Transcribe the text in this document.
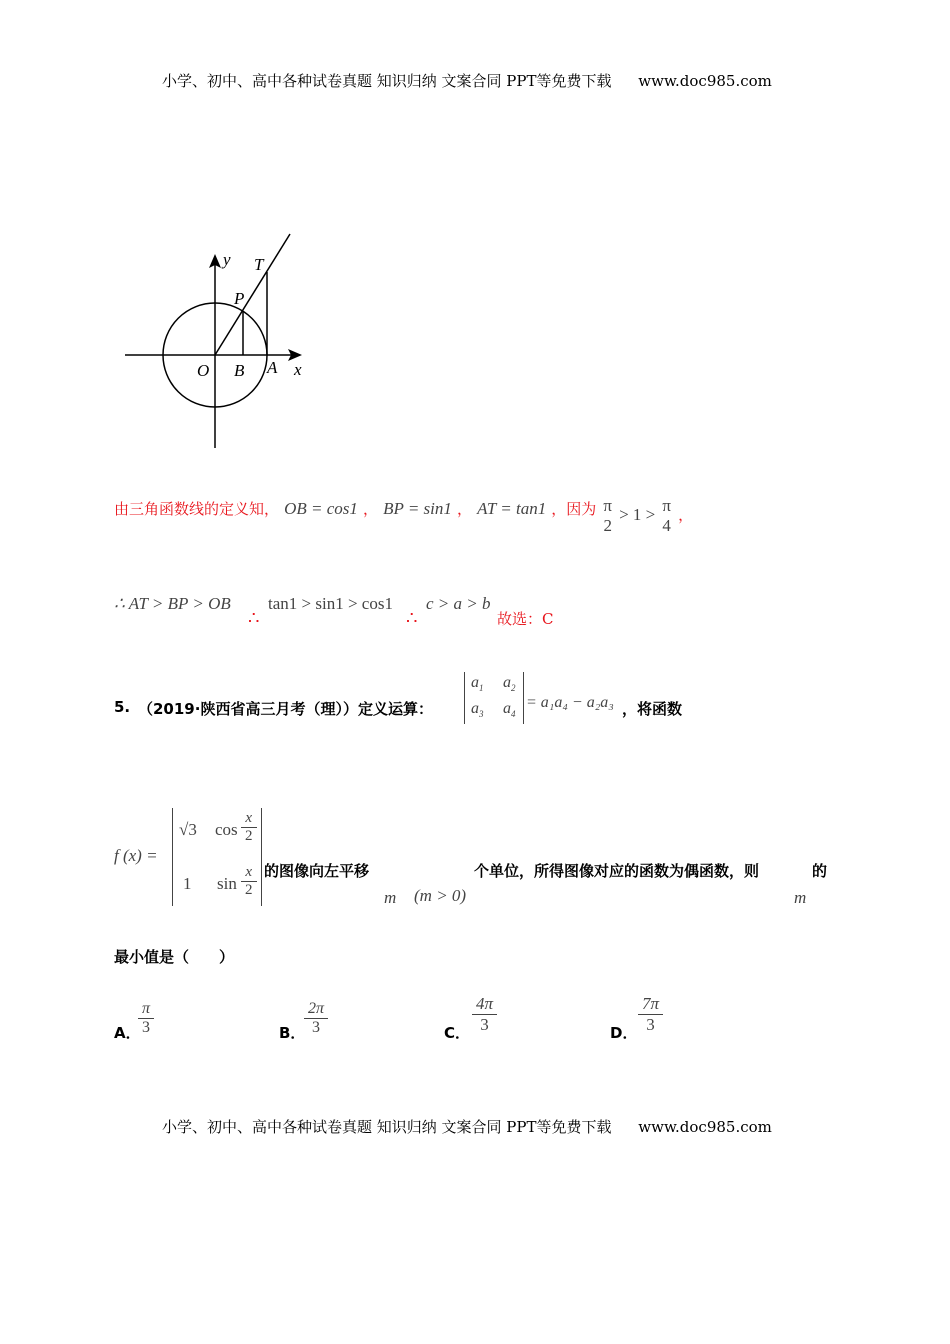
小学、初中、高中各种试卷真题 知识归纳 文案合同 PPT等免费下载 www.doc985.com
y T
P
O B A x
由三角函数线的定义知， OB = cos1 ， BP = sin1 ， AT = tan1 ，因为 π
2
> 1 > π
4
，
∴ AT > BP > OB
∴
tan1 > sin1 > cos1
∴
c > a > b
故选：C
5. （2019·陕西省高三月考（理））定义运算：
$a_1$ $a_2$
$a_3$ $a_4$
= a₁a₄ − a₂a₃ ，将函数
f (x) =
√3 cos
x
2
1 sin
x
2
的图像向左平移	个单位，所得图像对应的函数为偶函数，则	的
m (m > 0)	m
最小值是（　　）
A．
π
3	B．
2π
3	C．
4π
3	D．
7π
3
小学、初中、高中各种试卷真题 知识归纳 文案合同 PPT等免费下载 www.doc985.com
